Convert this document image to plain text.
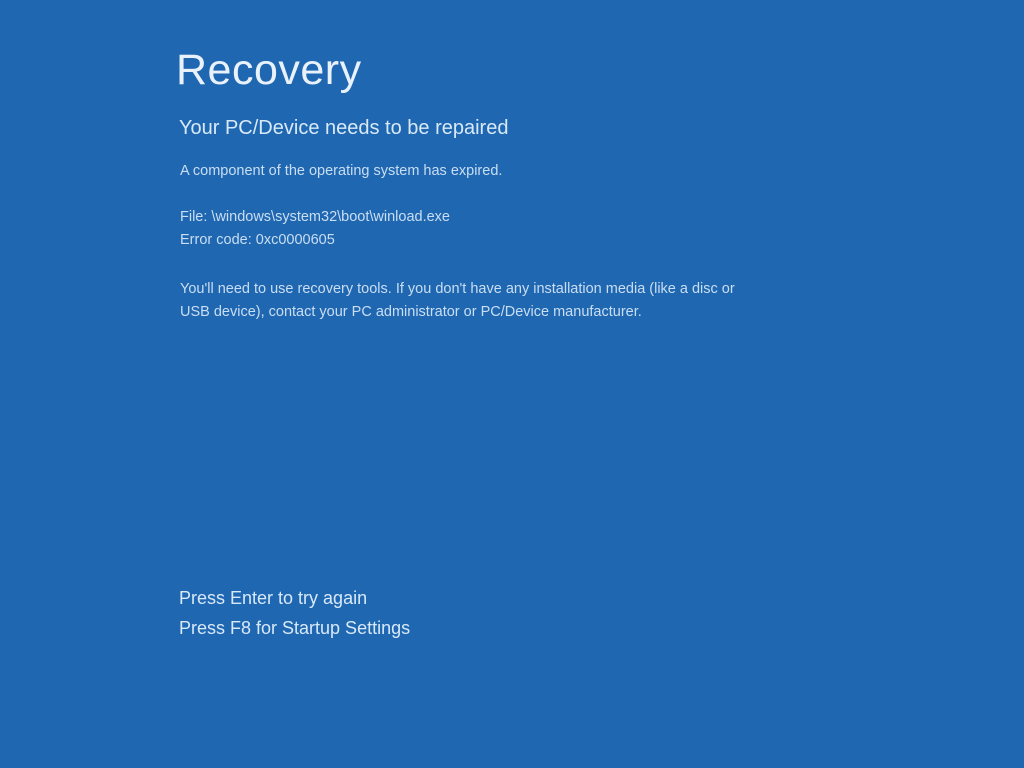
Recovery
Your PC/Device needs to be repaired

A component of the operating system has expired.

File: \windows\system32\boot\winload.exe

Error code: 0xc0000605

You'll need to use recovery tools. If you don't have any installation media (like a disc or USB device), contact your PC administrator or PC/Device manufacturer.

Press Enter to try again

Press F8 for Startup Settings
